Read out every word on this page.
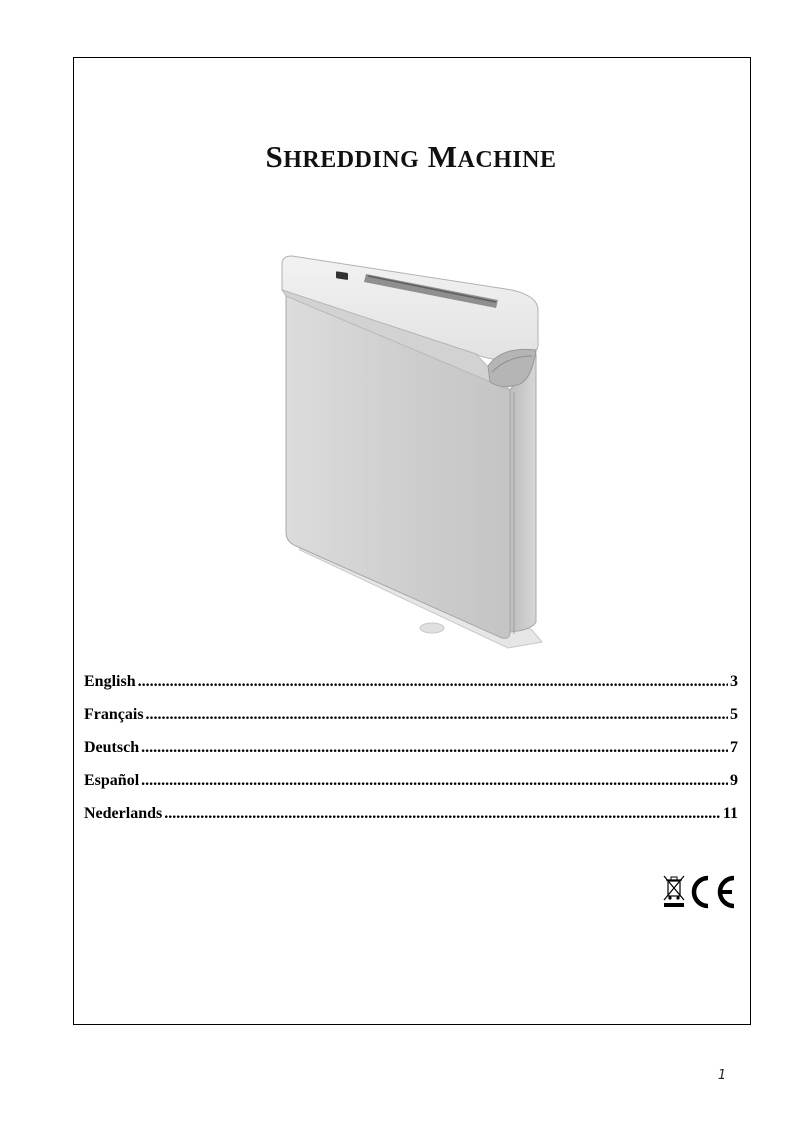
SHREDDING MACHINE
English .....	3
Français .....	5
Deutsch .....	7
Español .....	9
Nederlands .....	11
1
